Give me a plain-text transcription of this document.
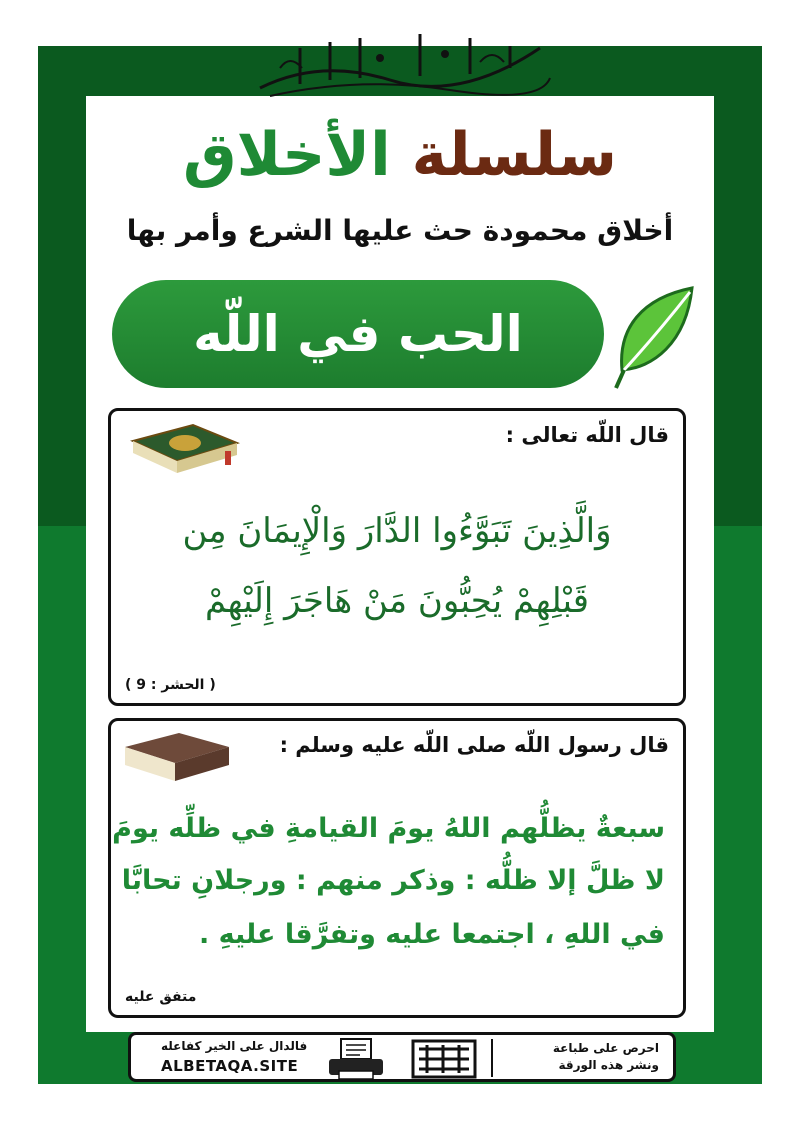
سلسلة الأخلاق
أخلاق محمودة حث عليها الشرع وأمر بها
الحب في اللّه
قال اللّه تعالى :
وَالَّذِينَ تَبَوَّءُوا الدَّارَ وَالْإِيمَانَ مِن
قَبْلِهِمْ يُحِبُّونَ مَنْ هَاجَرَ إِلَيْهِمْ
( الحشر : 9 )
قال رسول اللّه صلى اللّه عليه وسلم :
سبعةٌ يظلُّهم اللهُ يومَ القيامةِ في ظلِّه يومَ
لا ظلَّ إلا ظلُّه : وذكر منهم : ورجلانِ تحابَّا
في اللهِ ، اجتمعا عليه وتفرَّقا عليهِ .
متفق عليه
احرص على طباعة
ونشر هذه الورقة
فالدال على الخير كفاعله
ALBETAQA.SITE
